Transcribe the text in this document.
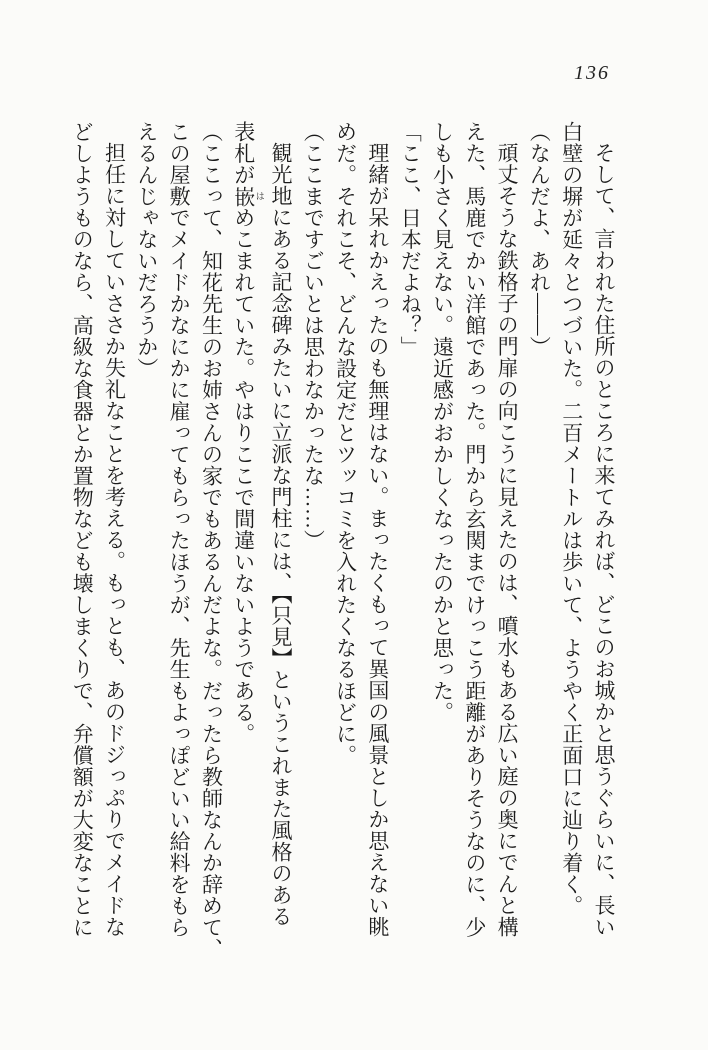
136

そして、言われた住所のところに来てみれば、どこのお城かと思うぐらいに、長い

白壁の塀が延々とつづいた。二百メートルは歩いて、ようやく正面口に辿り着く。

（なんだよ、あれ――）

頑丈そうな鉄格子の門扉の向こうに見えたのは、噴水もある広い庭の奥にでんと構

えた、馬鹿でかい洋館であった。門から玄関までけっこう距離がありそうなのに、少

しも小さく見えない。遠近感がおかしくなったのかと思った。

「ここ、日本だよね？」

理緒が呆れかえったのも無理はない。まったくもって異国の風景としか思えない眺

めだ。それこそ、どんな設定だとツッコミを入れたくなるほどに。

（ここまですごいとは思わなかったな……）

観光地にある記念碑みたいに立派な門柱には、【只見】というこれまた風格のある

表札が嵌 はめこまれていた。やはりここで間違いないようである。

（ここって、知花先生のお姉さんの家でもあるんだよな。だったら教師なんか辞めて、

この屋敷でメイドかなにかに雇ってもらったほうが、先生もよっぽどいい給料をもら

えるんじゃないだろうか）

担任に対していささか失礼なことを考える。もっとも、あのドジっぷりでメイドな

どしようものなら、高級な食器とか置物なども壊しまくりで、弁償額が大変なことに
